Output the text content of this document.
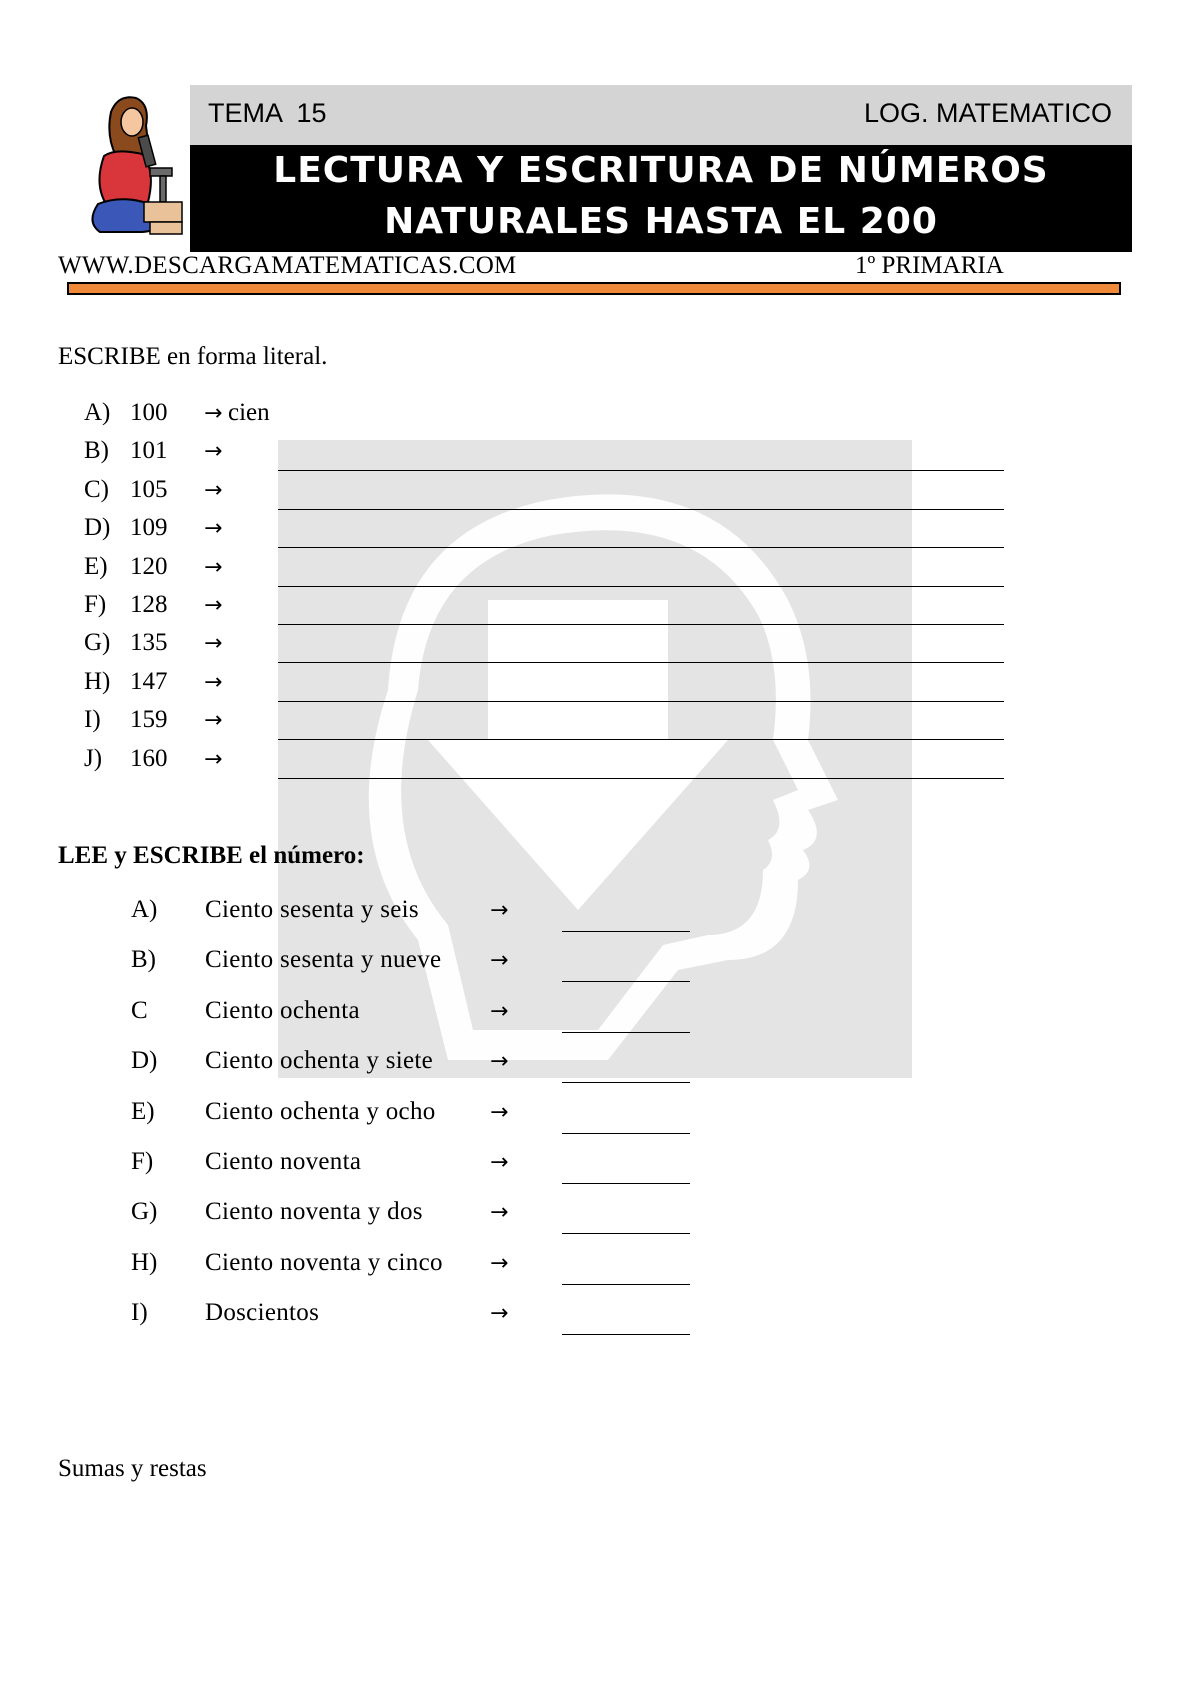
TEMA  15	LOG. MATEMATICO
LECTURA Y ESCRITURA DE NÚMEROS
NATURALES HASTA EL 200
WWW.DESCARGAMATEMATICAS.COM	1º PRIMARIA
ESCRIBE en forma literal.
A) 100 → cien
B) 101 →
C) 105 →
D) 109 →
E) 120 →
F) 128 →
G) 135 →
H) 147 →
I) 159 →
J) 160 →
LEE y ESCRIBE el número:
A) Ciento sesenta y seis	→
B) Ciento sesenta y nueve →
C Ciento ochenta	→
D) Ciento ochenta y siete	→
E) Ciento ochenta y ocho →
F) Ciento noventa	→
G) Ciento noventa y dos	→
H) Ciento noventa y cinco →
I) Doscientos	→
Sumas y restas
